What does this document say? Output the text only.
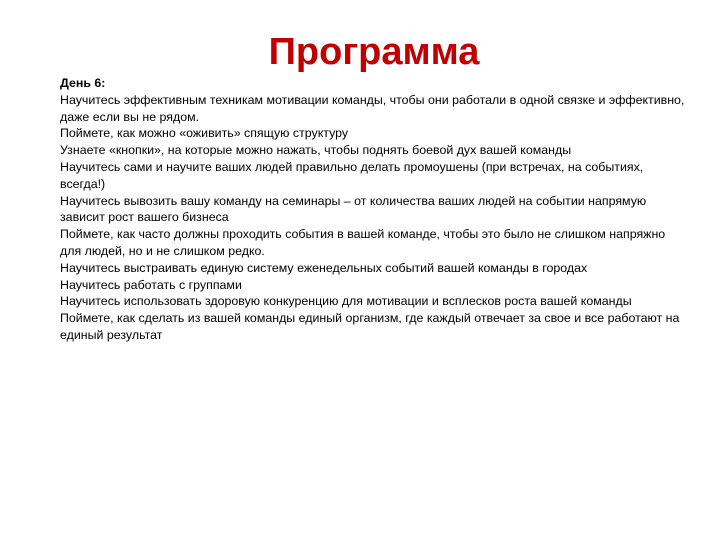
Программа

День 6:

Научитесь эффективным техникам мотивации команды, чтобы они работали в одной связке и эффективно, даже если вы не рядом.

Поймете, как можно «оживить» спящую структуру

Узнаете «кнопки», на которые можно нажать, чтобы поднять боевой дух вашей команды

Научитесь сами и научите ваших людей правильно делать промоушены (при встречах, на событиях, всегда!)

Научитесь вывозить вашу команду на семинары – от количества ваших людей на событии напрямую зависит рост вашего бизнеса

Поймете, как часто должны проходить события в вашей команде, чтобы это было не слишком напряжно для людей, но и не слишком редко.

Научитесь выстраивать единую систему еженедельных событий вашей команды в городах

Научитесь работать с группами

Научитесь использовать здоровую конкуренцию для мотивации и всплесков роста вашей команды

Поймете, как сделать из вашей команды единый организм, где каждый отвечает за свое и все работают на единый результат
